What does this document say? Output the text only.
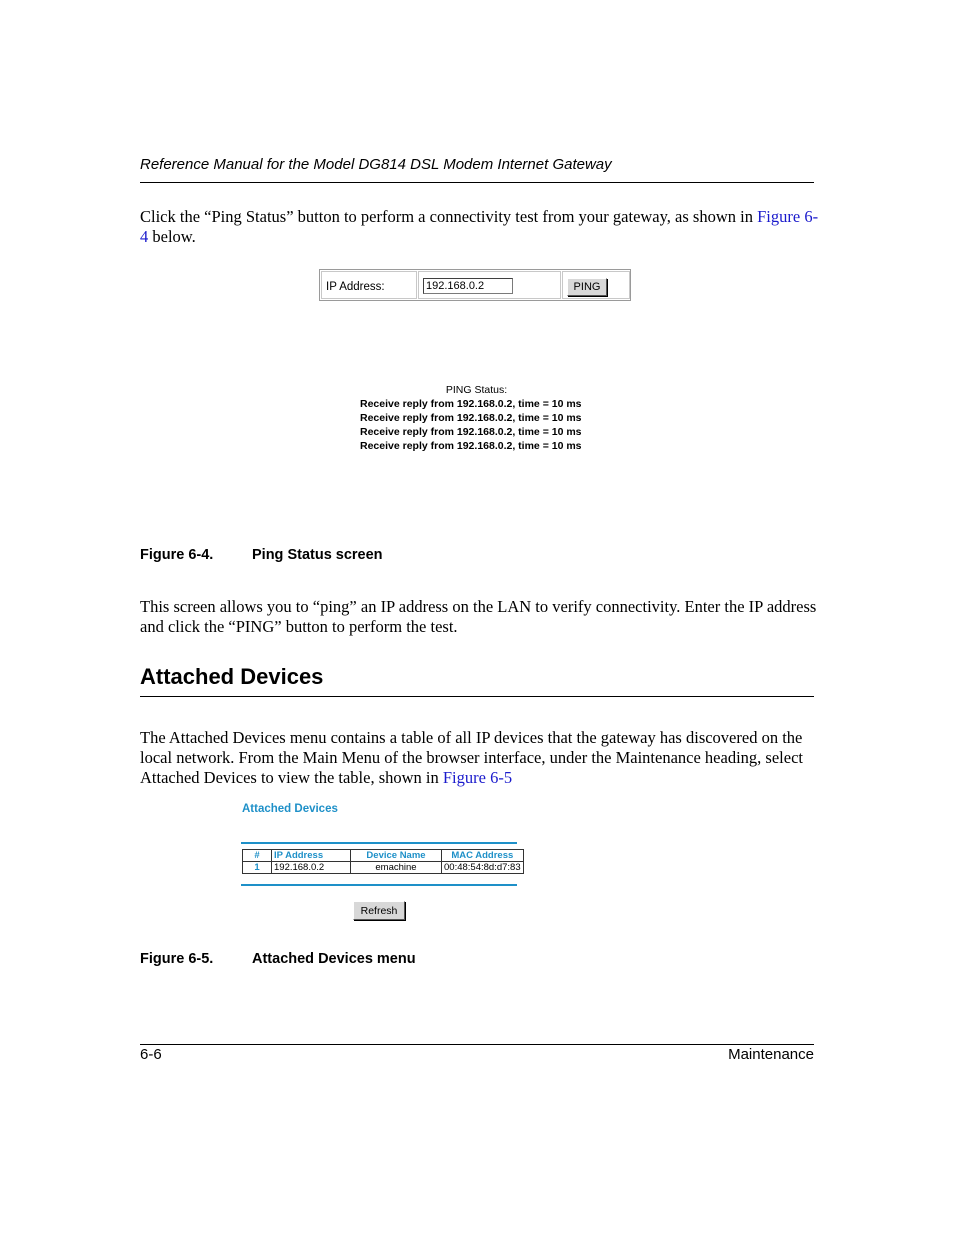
Reference Manual for the Model DG814 DSL Modem Internet Gateway
Click the “Ping Status” button to perform a connectivity test from your gateway, as shown in Figure 6-4 below.
IP Address:
192.168.0.2	PING
PING Status:
Receive reply from 192.168.0.2, time = 10 ms
Receive reply from 192.168.0.2, time = 10 ms
Receive reply from 192.168.0.2, time = 10 ms
Receive reply from 192.168.0.2, time = 10 ms
Figure 6-4.	Ping Status screen
This screen allows you to “ping” an IP address on the LAN to verify connectivity. Enter the IP address and click the “PING” button to perform the test.
Attached Devices
The Attached Devices menu contains a table of all IP devices that the gateway has discovered on the local network. From the Main Menu of the browser interface, under the Maintenance heading, select Attached Devices to view the table, shown in Figure 6-5
Attached Devices
#	IP Address	Device Name	MAC Address
1	192.168.0.2	emachine	00:48:54:8d:d7:83
Refresh
Figure 6-5.	Attached Devices menu
6-6	Maintenance
